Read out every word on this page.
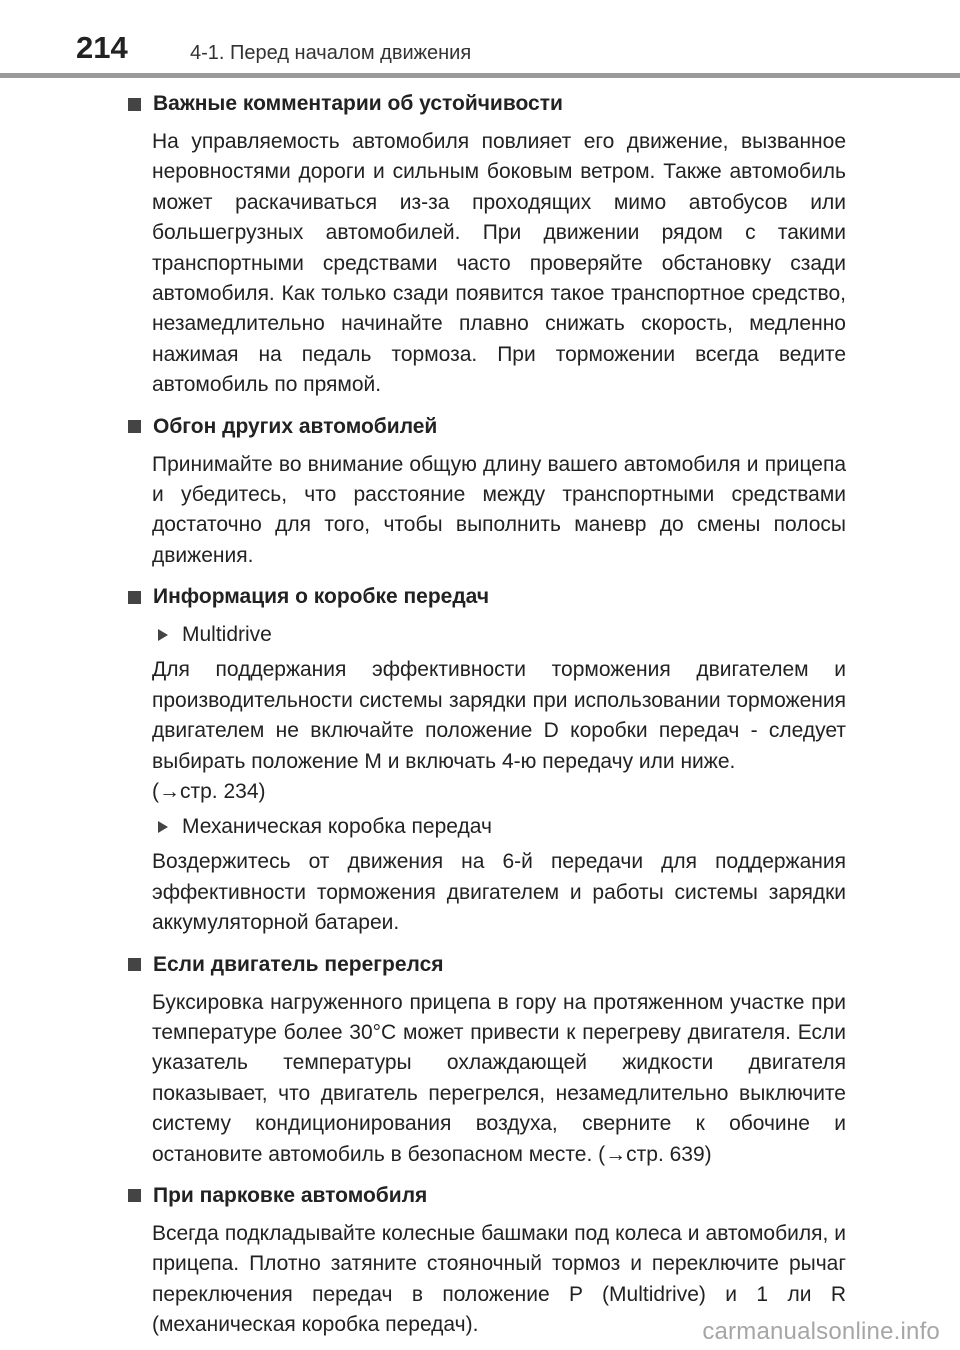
214	4-1. Перед началом движения
Важные комментарии об устойчивости

На управляемость автомобиля повлияет его движение, вызванное неровностями дороги и сильным боковым ветром. Также автомобиль может раскачиваться из-за проходящих мимо автобусов или большегрузных автомобилей. При движении рядом с такими транспортными средствами часто проверяйте обстановку сзади автомобиля. Как только сзади появится такое транспортное средство, незамедлительно начинайте плавно снижать скорость, медленно нажимая на педаль тормоза. При торможении всегда ведите автомобиль по прямой.

Обгон других автомобилей

Принимайте во внимание общую длину вашего автомобиля и прицепа и убедитесь, что расстояние между транспортными средствами достаточно для того, чтобы выполнить маневр до смены полосы движения.

Информация о коробке передач
Multidrive

Для поддержания эффективности торможения двигателем и производительности системы зарядки при использовании торможения двигателем не включайте положение D коробки передач - следует выбирать положение M и включать 4-ю передачу или ниже.

(→стр. 234)
Механическая коробка передач

Воздержитесь от движения на 6-й передачи для поддержания эффективности торможения двигателем и работы системы зарядки аккумуляторной батареи.

Если двигатель перегрелся

Буксировка нагруженного прицепа в гору на протяженном участке при температуре более 30°C может привести к перегреву двигателя. Если указатель температуры охлаждающей жидкости двигателя показывает, что двигатель перегрелся, незамедлительно выключите систему кондиционирования воздуха, сверните к обочине и остановите автомобиль в безопасном месте. (→стр. 639)

При парковке автомобиля

Всегда подкладывайте колесные башмаки под колеса и автомобиля, и прицепа. Плотно затяните стояночный тормоз и переключите рычаг переключения передач в положение P (Multidrive) и 1 ли R (механическая коробка передач).	carmanualsonline.info
